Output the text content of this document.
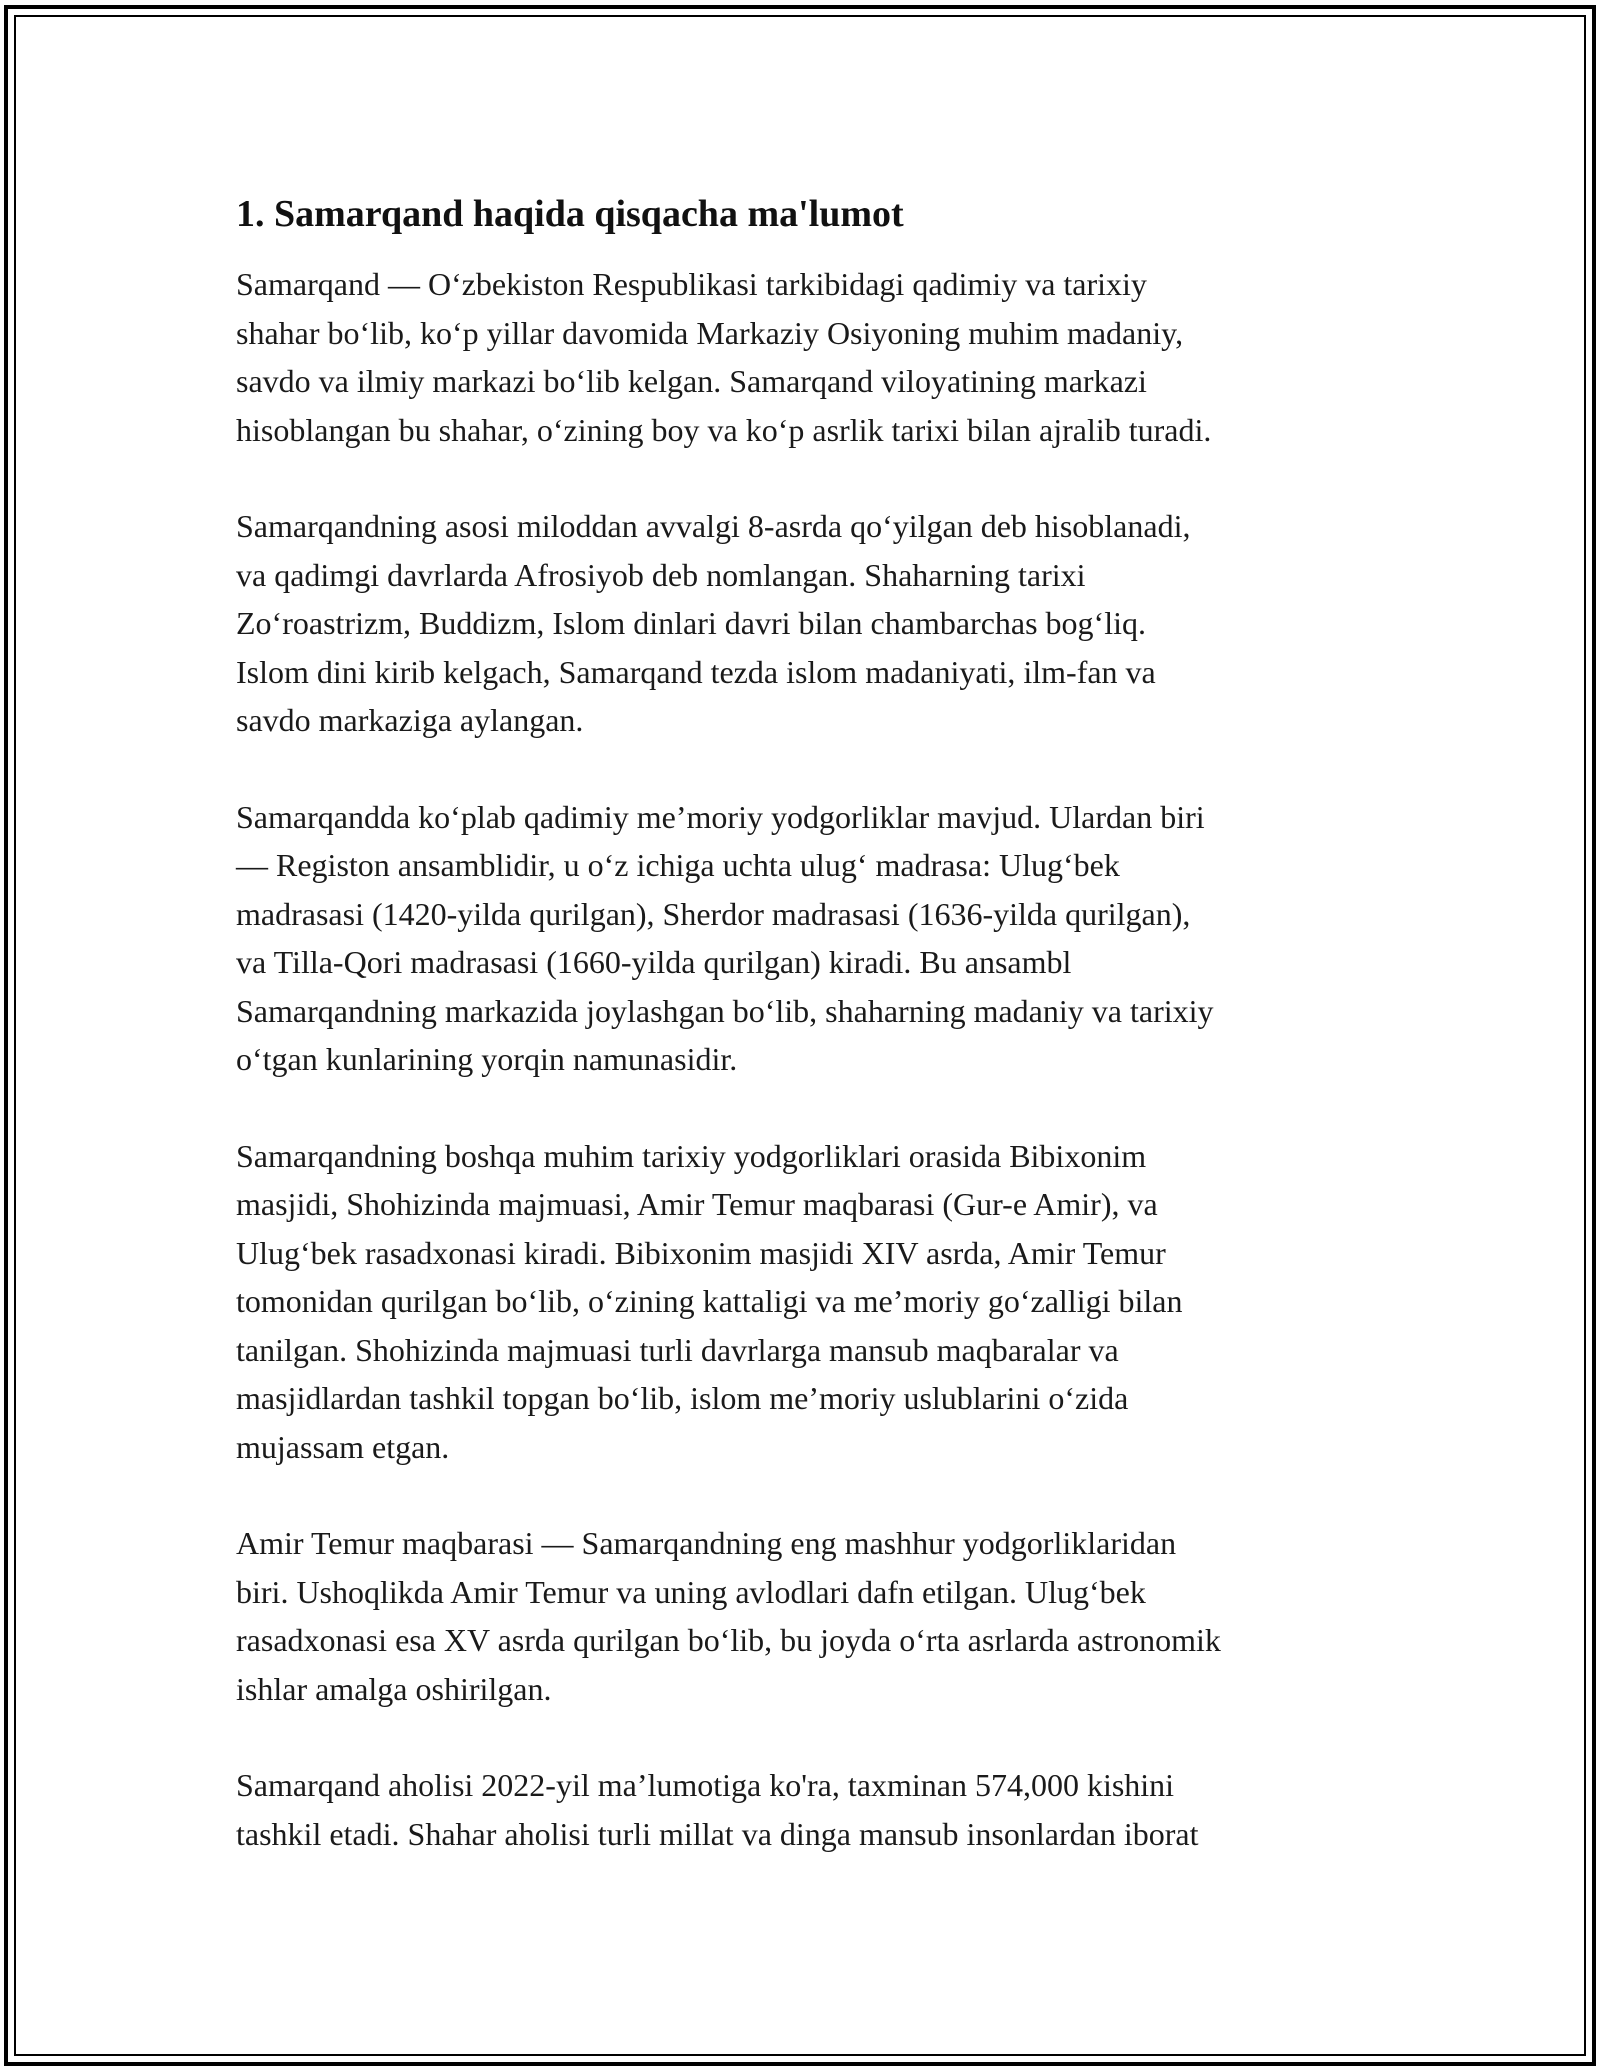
1. Samarqand haqida qisqacha ma'lumot

Samarqand — O‘zbekiston Respublikasi tarkibidagi qadimiy va tarixiy
shahar bo‘lib, ko‘p yillar davomida Markaziy Osiyoning muhim madaniy,
savdo va ilmiy markazi bo‘lib kelgan. Samarqand viloyatining markazi
hisoblangan bu shahar, o‘zining boy va ko‘p asrlik tarixi bilan ajralib turadi.

Samarqandning asosi miloddan avvalgi 8-asrda qo‘yilgan deb hisoblanadi,
va qadimgi davrlarda Afrosiyob deb nomlangan. Shaharning tarixi
Zo‘roastrizm, Buddizm, Islom dinlari davri bilan chambarchas bog‘liq.
Islom dini kirib kelgach, Samarqand tezda islom madaniyati, ilm-fan va
savdo markaziga aylangan.

Samarqandda ko‘plab qadimiy me’moriy yodgorliklar mavjud. Ulardan biri
— Registon ansamblidir, u o‘z ichiga uchta ulug‘ madrasa: Ulug‘bek
madrasasi (1420-yilda qurilgan), Sherdor madrasasi (1636-yilda qurilgan),
va Tilla-Qori madrasasi (1660-yilda qurilgan) kiradi. Bu ansambl
Samarqandning markazida joylashgan bo‘lib, shaharning madaniy va tarixiy
o‘tgan kunlarining yorqin namunasidir.

Samarqandning boshqa muhim tarixiy yodgorliklari orasida Bibixonim
masjidi, Shohizinda majmuasi, Amir Temur maqbarasi (Gur-e Amir), va
Ulug‘bek rasadxonasi kiradi. Bibixonim masjidi XIV asrda, Amir Temur
tomonidan qurilgan bo‘lib, o‘zining kattaligi va me’moriy go‘zalligi bilan
tanilgan. Shohizinda majmuasi turli davrlarga mansub maqbaralar va
masjidlardan tashkil topgan bo‘lib, islom me’moriy uslublarini o‘zida
mujassam etgan.

Amir Temur maqbarasi — Samarqandning eng mashhur yodgorliklaridan
biri. Ushoqlikda Amir Temur va uning avlodlari dafn etilgan. Ulug‘bek
rasadxonasi esa XV asrda qurilgan bo‘lib, bu joyda o‘rta asrlarda astronomik
ishlar amalga oshirilgan.

Samarqand aholisi 2022-yil ma’lumotiga ko'ra, taxminan 574,000 kishini
tashkil etadi. Shahar aholisi turli millat va dinga mansub insonlardan iborat
